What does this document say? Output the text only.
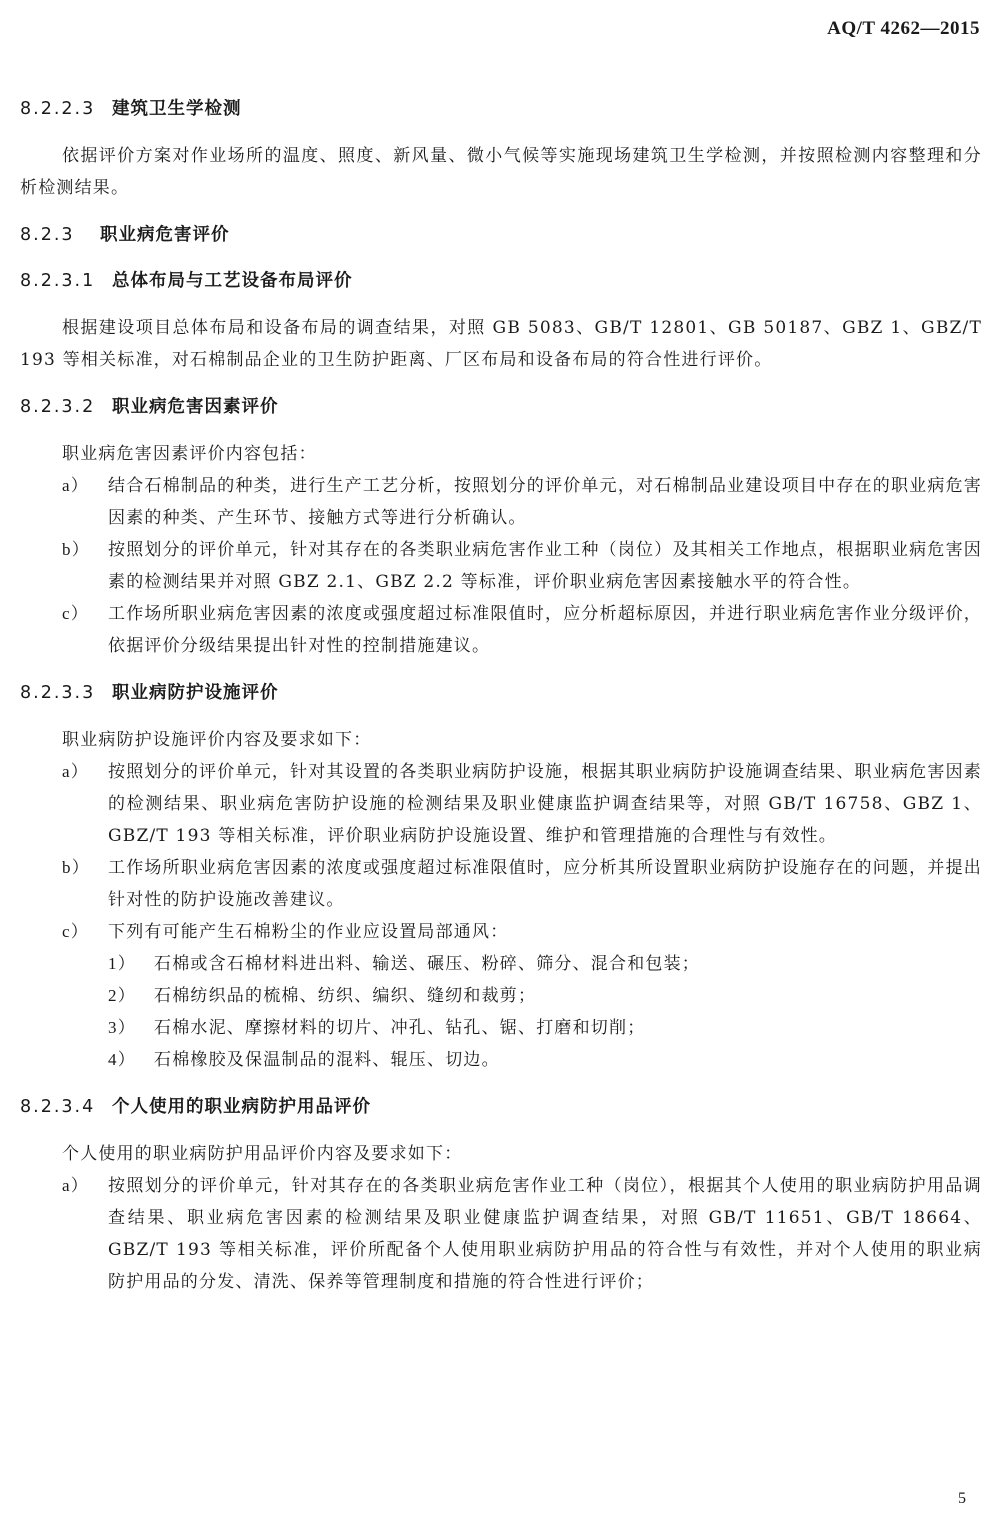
AQ/T 4262—2015
8.2.2.3 建筑卫生学检测
依据评价方案对作业场所的温度、照度、新风量、微小气候等实施现场建筑卫生学检测，并按照检测内容整理和分析检测结果。
8.2.3 职业病危害评价
8.2.3.1 总体布局与工艺设备布局评价
根据建设项目总体布局和设备布局的调查结果，对照 GB 5083、GB/T 12801、GB 50187、GBZ 1、GBZ/T 193 等相关标准，对石棉制品企业的卫生防护距离、厂区布局和设备布局的符合性进行评价。
8.2.3.2 职业病危害因素评价
职业病危害因素评价内容包括：
a）	结合石棉制品的种类，进行生产工艺分析，按照划分的评价单元，对石棉制品业建设项目中存在的职业病危害因素的种类、产生环节、接触方式等进行分析确认。
b）	按照划分的评价单元，针对其存在的各类职业病危害作业工种（岗位）及其相关工作地点，根据职业病危害因素的检测结果并对照 GBZ 2.1、GBZ 2.2 等标准，评价职业病危害因素接触水平的符合性。
c）	工作场所职业病危害因素的浓度或强度超过标准限值时，应分析超标原因，并进行职业病危害作业分级评价，依据评价分级结果提出针对性的控制措施建议。
8.2.3.3 职业病防护设施评价
职业病防护设施评价内容及要求如下：
a）	按照划分的评价单元，针对其设置的各类职业病防护设施，根据其职业病防护设施调查结果、职业病危害因素的检测结果、职业病危害防护设施的检测结果及职业健康监护调查结果等，对照 GB/T 16758、GBZ 1、GBZ/T 193 等相关标准，评价职业病防护设施设置、维护和管理措施的合理性与有效性。
b）	工作场所职业病危害因素的浓度或强度超过标准限值时，应分析其所设置职业病防护设施存在的问题，并提出针对性的防护设施改善建议。
c）	下列有可能产生石棉粉尘的作业应设置局部通风：
1）	石棉或含石棉材料进出料、输送、碾压、粉碎、筛分、混合和包装；
2）	石棉纺织品的梳棉、纺织、编织、缝纫和裁剪；
3）	石棉水泥、摩擦材料的切片、冲孔、钻孔、锯、打磨和切削；
4）	石棉橡胶及保温制品的混料、辊压、切边。
8.2.3.4 个人使用的职业病防护用品评价
个人使用的职业病防护用品评价内容及要求如下：
a）	按照划分的评价单元，针对其存在的各类职业病危害作业工种（岗位），根据其个人使用的职业病防护用品调查结果、职业病危害因素的检测结果及职业健康监护调查结果，对照 GB/T 11651、GB/T 18664、GBZ/T 193 等相关标准，评价所配备个人使用职业病防护用品的符合性与有效性，并对个人使用的职业病防护用品的分发、清洗、保养等管理制度和措施的符合性进行评价；
5
